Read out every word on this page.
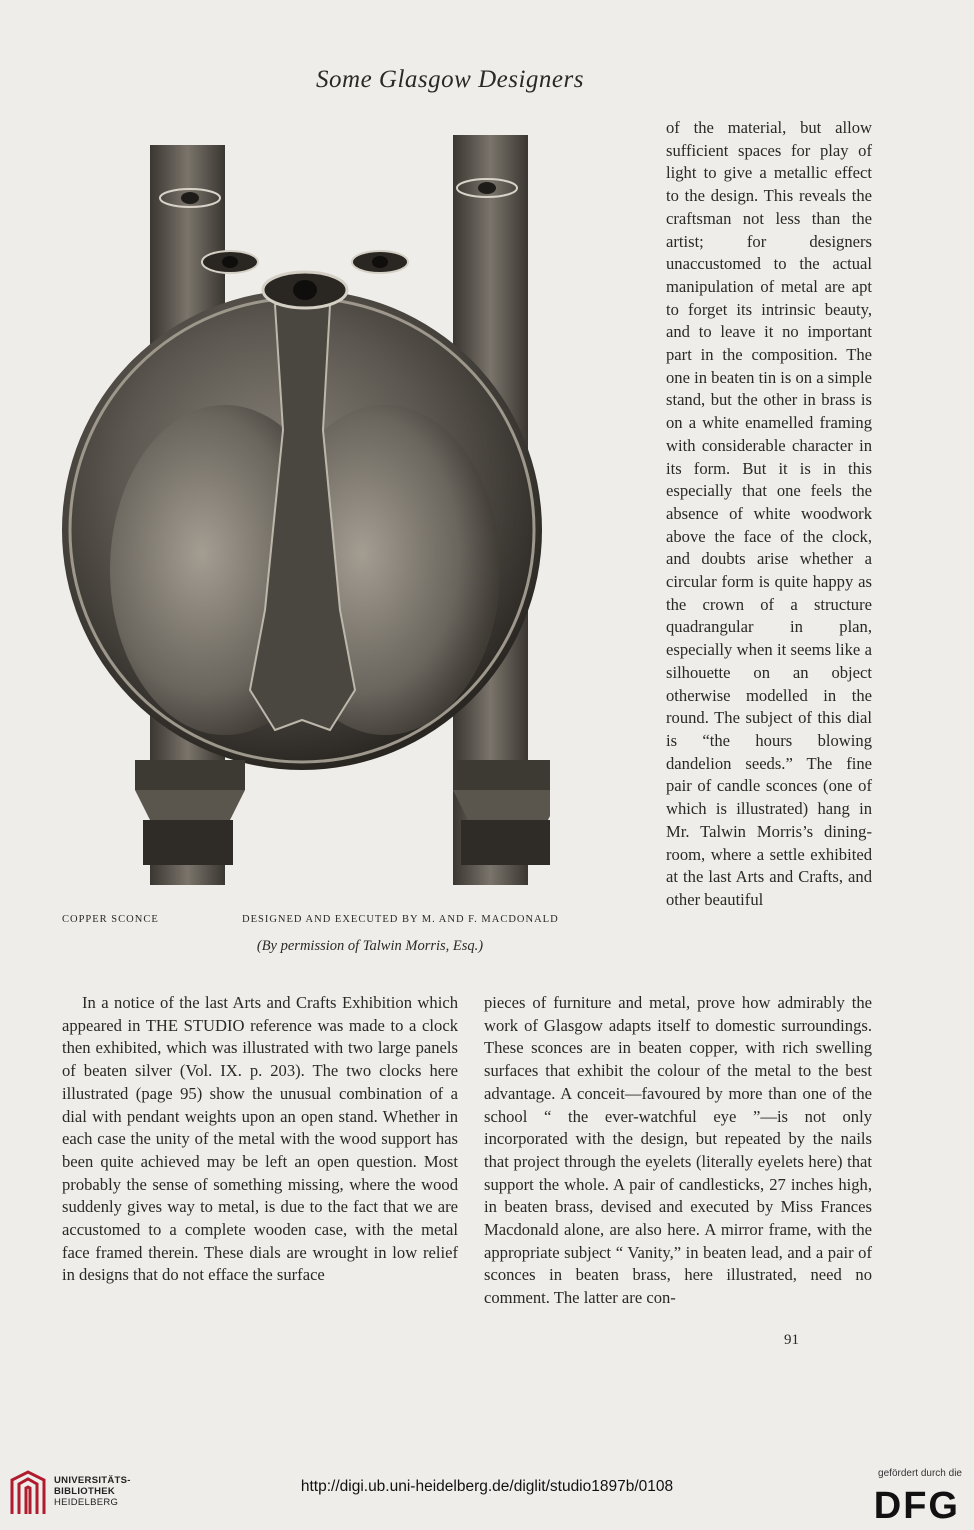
Some Glasgow Designers
COPPER SCONCE	DESIGNED AND EXECUTED BY M. AND F. MACDONALD
(By permission of Talwin Morris, Esq.)

of the material, but allow sufficient spaces for play of light to give a metallic effect to the design. This reveals the craftsman not less than the artist; for designers unaccustomed to the actual manipulation of metal are apt to forget its intrinsic beauty, and to leave it no important part in the composition. The one in beaten tin is on a simple stand, but the other in brass is on a white enamelled framing with considerable character in its form. But it is in this especially that one feels the absence of white woodwork above the face of the clock, and doubts arise whether a circular form is quite happy as the crown of a structure quadrangular in plan, especially when it seems like a silhouette on an object otherwise modelled in the round. The subject of this dial is “the hours blowing dandelion seeds.” The fine pair of candle sconces (one of which is illustrated) hang in Mr. Talwin Morris’s dining-room, where a settle exhibited at the last Arts and Crafts, and other beautiful

In a notice of the last Arts and Crafts Exhibition which appeared in THE STUDIO reference was made to a clock then exhibited, which was illustrated with two large panels of beaten silver (Vol. IX. p. 203). The two clocks here illustrated (page 95) show the unusual combination of a dial with pendant weights upon an open stand. Whether in each case the unity of the metal with the wood support has been quite achieved may be left an open question. Most probably the sense of something missing, where the wood suddenly gives way to metal, is due to the fact that we are accustomed to a complete wooden case, with the metal face framed therein. These dials are wrought in low relief in designs that do not efface the surface

pieces of furniture and metal, prove how admirably the work of Glasgow adapts itself to domestic surroundings. These sconces are in beaten copper, with rich swelling surfaces that exhibit the colour of the metal to the best advantage. A conceit—favoured by more than one of the school “ the ever-watchful eye ”—is not only incorporated with the design, but repeated by the nails that project through the eyelets (literally eyelets here) that support the whole. A pair of candlesticks, 27 inches high, in beaten brass, devised and executed by Miss Frances Macdonald alone, are also here. A mirror frame, with the appropriate subject “ Vanity,” in beaten lead, and a pair of sconces in beaten brass, here illustrated, need no comment. The latter are con-

91
UNIVERSITÄTS-
BIBLIOTHEK
HEIDELBERG
http://digi.ub.uni-heidelberg.de/diglit/studio1897b/0108
gefördert durch die
DFG
